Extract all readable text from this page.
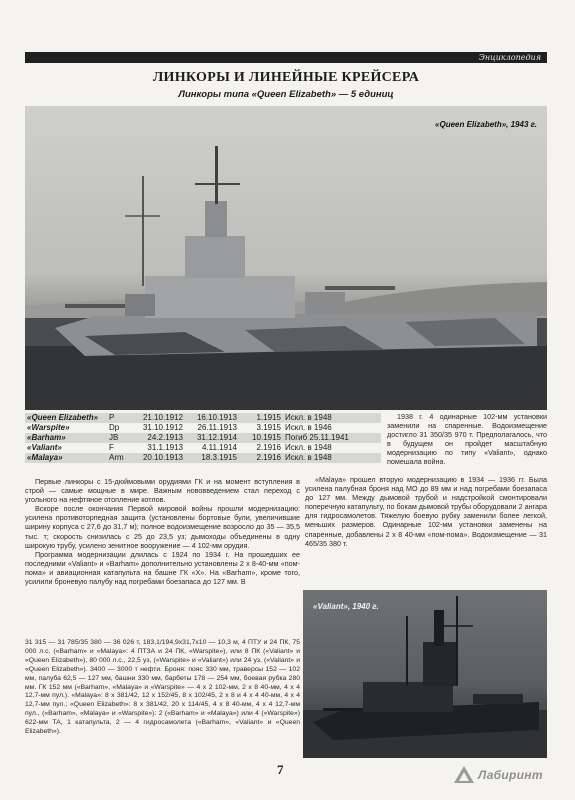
Энциклопедия
ЛИНКОРЫ И ЛИНЕЙНЫЕ КРЕЙСЕРА
Линкоры типа «Queen Elizabeth» — 5 единиц
«Queen Elizabeth», 1943 г.
«Queen Elizabeth»	P	21.10.1912	16.10.1913	1.1915	Искл. в 1948
«Warspite»	Dp	31.10.1912	26.11.1913	3.1915	Искл. в 1946
«Barham»	JB	24.2.1913	31.12.1914	10.1915	Погиб 25.11.1941
«Valiant»	F	31.1.1913	4.11.1914	2.1916	Искл. в 1948
«Malaya»	Arm	20.10.1913	18.3.1915	2.1916	Искл. в 1948

1938 г. 4 одинарные 102-мм установки заменили на спаренные. Водоизмещение достигло 31 350/35 970 т. Предполагалось, что в будущем он пройдет масштабную модернизацию по типу «Valiant», однако помешала война.

«Malaya» прошел вторую модернизацию в 1934 — 1936 гг. Была усилена палубная броня над МО до 89 мм и над погребами боезапаса до 127 мм. Между дымовой трубой и надстройкой смонтировали поперечную катапульту, по бокам дымовой трубы оборудовали 2 ангара для гидросамолетов. Тяжелую боевую рубку заменили более легкой, меньших размеров. Одинарные 102-мм установки заменены на спаренные, добавлены 2 х 8 40-мм «пом-пома». Водоизмещение — 31 465/35 380 т.

Первые линкоры с 15-дюймовыми орудиями ГК и на момент вступления в строй — самые мощные в мире. Важным нововведением стал переход с угольного на нефтяное отопление котлов.

Вскоре после окончания Первой мировой войны прошли модернизацию: усилена противоторпедная защита (установлены бортовые були, увеличившие ширину корпуса с 27,6 до 31,7 м); полное водоизмещение возросло до 35 — 35,5 тыс. т; скорость снизилась с 25 до 23,5 уз; дымоходы объединены в одну широкую трубу, усилено зенитное вооружение — 4 102-мм орудия.

Программа модернизации длилась с 1924 по 1934 г. На прошедших ее последними «Valiant» и «Barham» дополнительно установлены 2 х 8-40-мм «пом-пома» и авиационная катапульта на башне ГК «Х». На «Barham», кроме того, усилили броневую палубу над погребами боезапаса до 127 мм. В

31 315 — 31 785/35 380 — 36 026 т, 183,1/194,9х31,7х10 — 10,3 м, 4 ПТУ и 24 ПК, 75 000 л.с. («Barham» и «Malaya»: 4 ПТЗА и 24 ПК, «Warspite»), или 8 ПК («Valiant» и «Queen Elizabeth»), 80 000 л.с., 22,5 уз, («Warspite» и «Valiant») или 24 уз. («Valiant» и «Queen Elizabeth»). 3400 — 3000 т нефти. Броня: пояс 330 мм, траверсы 152 — 102 мм, палуба 62,5 — 127 мм, башни 330 мм, барбеты 178 — 254 мм, боевая рубка 280 мм. ГК 152 мм («Barham», «Malaya» и «Warspite» — 4 х 2 102-мм, 2 х 8 40-мм, 4 х 4 12,7-мм пул.). «Malaya»: 8 х 381/42, 12 х 152/45, 8 х 102/45, 2 х 8 и 4 х 4 40-мм, 4 х 4 12,7-мм пул.; «Queen Elizabeth»: 8 х 381/42, 20 х 114/45, 4 х 8 40-мм, 4 х 4 12,7-мм пул., («Barham», «Malaya» и «Warspite»): 2 («Barham» и «Malaya») или 4 («Warspite») 622-мм ТА, 1 катапульта, 2 — 4 гидросамолета («Barham», «Valiant» и «Queen Elizabeth»).

«Valiant», 1940 г.
7	Лабиринт
